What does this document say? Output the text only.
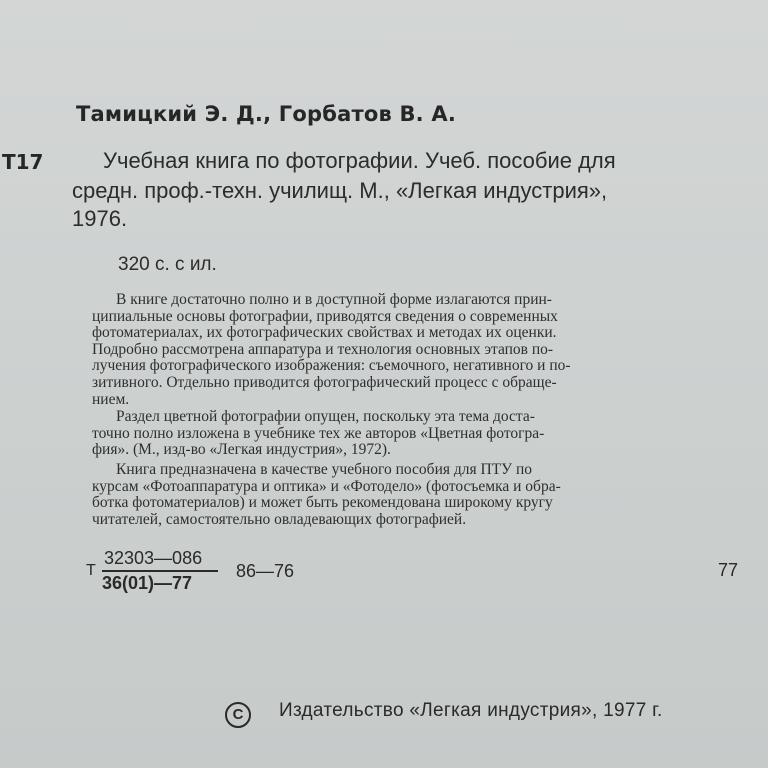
Тамицкий Э. Д., Горбатов В. А.
Т17	Учебная книга по фотографии. Учеб. пособие для
средн. проф.-техн. училищ. М., «Легкая индустрия»,
1976.
320 с. с ил.
В книге достаточно полно и в доступной форме излагаются прин-
ципиальные основы фотографии, приводятся сведения о современных
фотоматериалах, их фотографических свойствах и методах их оценки.
Подробно рассмотрена аппаратура и технология основных этапов по-
лучения фотографического изображения: съемочного, негативного и по-
зитивного. Отдельно приводится фотографический процесс с обраще-
нием.
Раздел цветной фотографии опущен, поскольку эта тема доста-
точно полно изложена в учебнике тех же авторов «Цветная фотогра-
фия». (М., изд-во «Легкая индустрия», 1972).
Книга предназначена в качестве учебного пособия для ПТУ по
курсам «Фотоаппаратура и оптика» и «Фотодело» (фотосъемка и обра-
ботка фотоматериалов) и может быть рекомендована широкому кругу
читателей, самостоятельно овладевающих фотографией.
Т
32303—086
36(01)—77
86—76	77
C Издательство «Легкая индустрия», 1977 г.
